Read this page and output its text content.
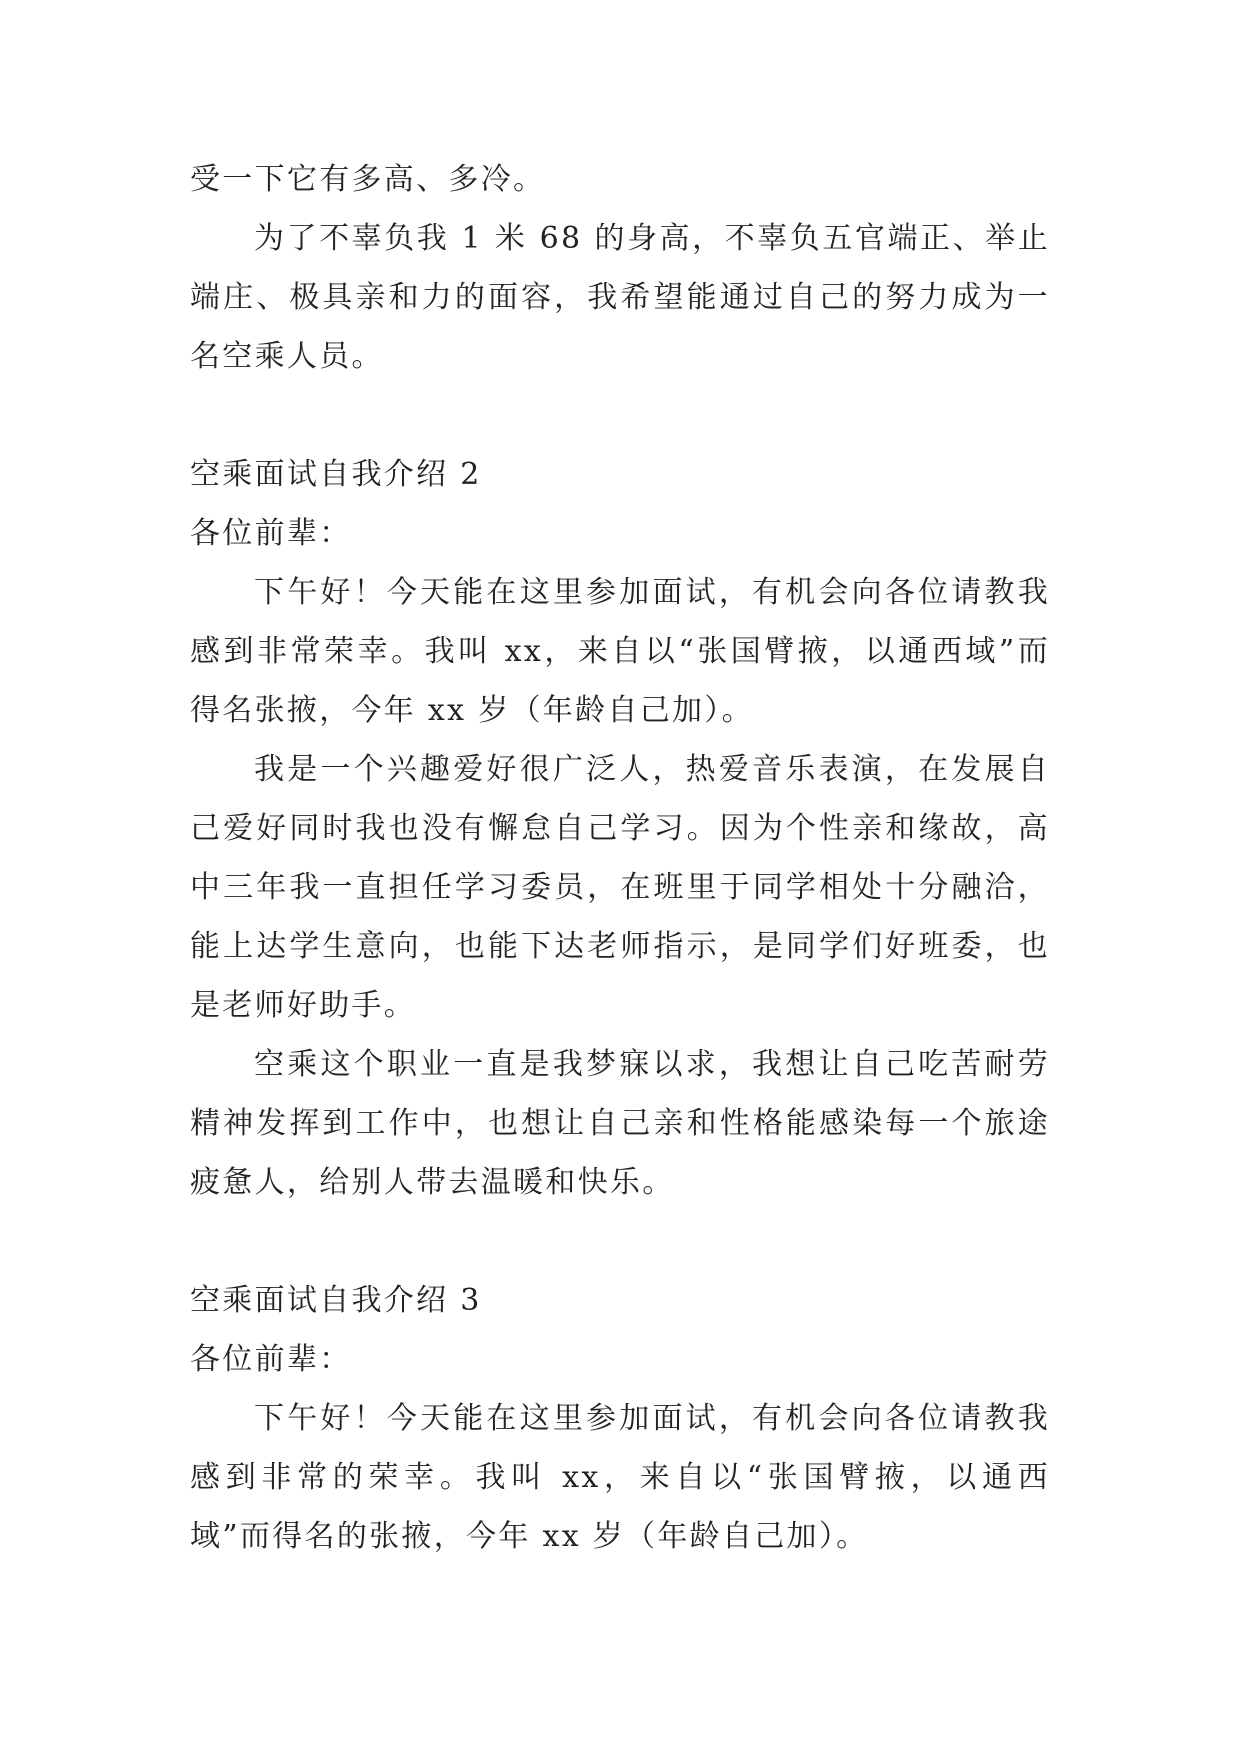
受一下它有多高、多冷。

为了不辜负我 1 米 68 的身高，不辜负五官端正、举止端庄、极具亲和力的面容，我希望能通过自己的努力成为一名空乘人员。

空乘面试自我介绍 2

各位前辈：

下午好！今天能在这里参加面试，有机会向各位请教我感到非常荣幸。我叫 xx，来自以“张国臂掖，以通西域”而得名张掖，今年 xx 岁（年龄自己加）。

我是一个兴趣爱好很广泛人，热爱音乐表演，在发展自己爱好同时我也没有懈怠自己学习。因为个性亲和缘故，高中三年我一直担任学习委员，在班里于同学相处十分融洽，能上达学生意向，也能下达老师指示，是同学们好班委，也是老师好助手。

空乘这个职业一直是我梦寐以求，我想让自己吃苦耐劳精神发挥到工作中，也想让自己亲和性格能感染每一个旅途疲惫人，给别人带去温暖和快乐。

空乘面试自我介绍 3

各位前辈：

下午好！今天能在这里参加面试，有机会向各位请教我感到非常的荣幸。我叫 xx，来自以“张国臂掖，以通西域”而得名的张掖，今年 xx 岁（年龄自己加）。
